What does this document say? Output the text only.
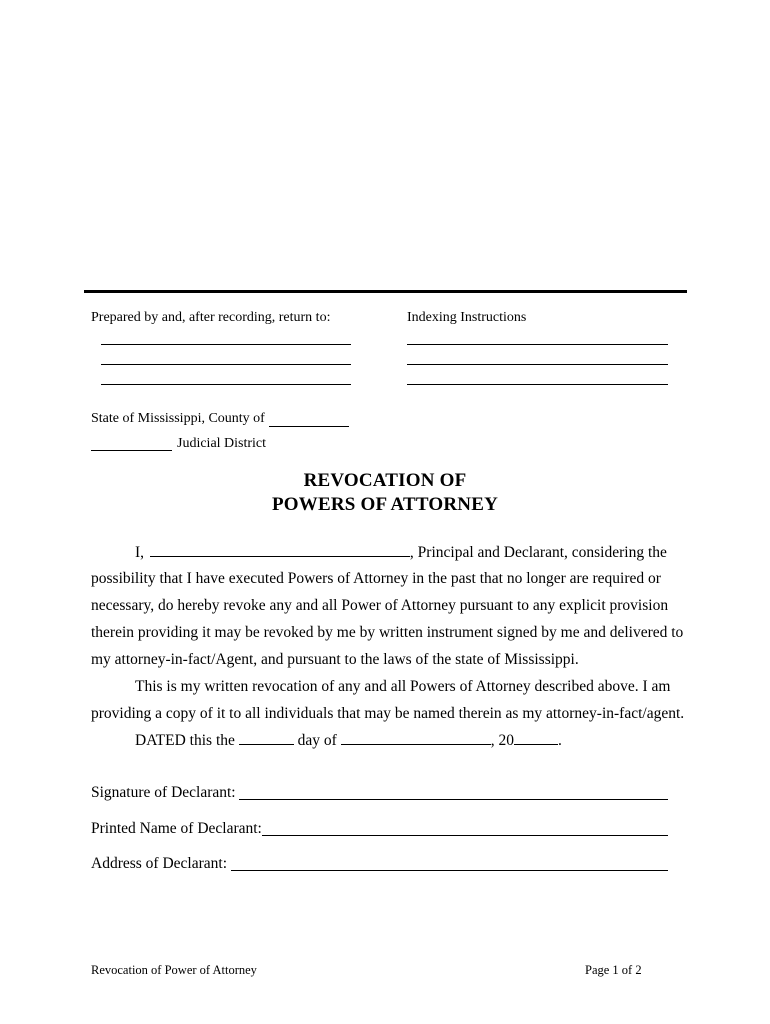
Prepared by and, after recording, return to:	Indexing Instructions
State of Mississippi, County of
Judicial District
REVOCATION OF
POWERS OF ATTORNEY
I,	, Principal and Declarant, considering the
possibility that I have executed Powers of Attorney in the past that no longer are required or
necessary, do hereby revoke any and all Power of Attorney pursuant to any explicit provision
therein providing it may be revoked by me by written instrument signed by me and delivered to
my attorney-in-fact/Agent, and pursuant to the laws of the state of Mississippi.
This is my written revocation of any and all Powers of Attorney described above. I am
providing a copy of it to all individuals that may be named therein as my attorney-in-fact/agent.
DATED this the	day of	, 20	.
Signature of Declarant:
Printed Name of Declarant:
Address of Declarant:
Revocation of Power of Attorney	Page 1 of 2
